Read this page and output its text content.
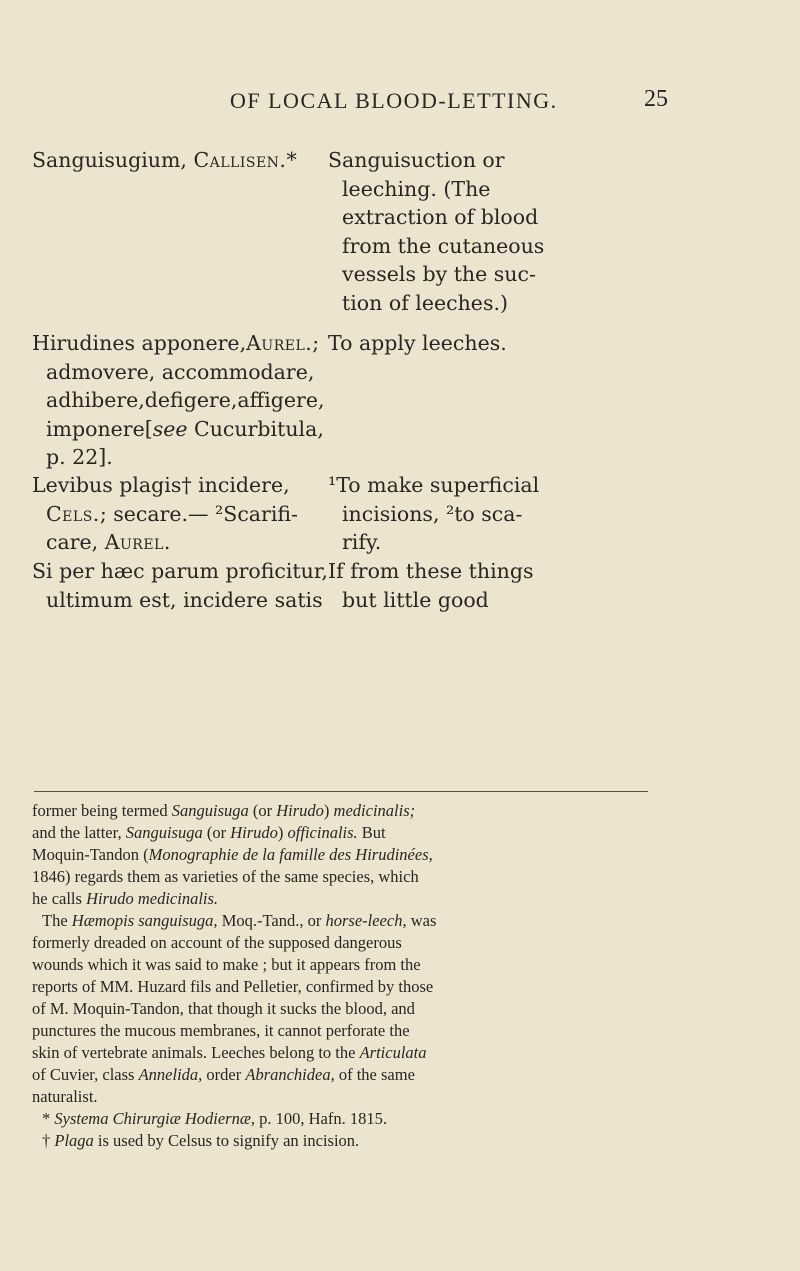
OF LOCAL BLOOD-LETTING.	25
Sanguisugium, Callisen.*	Sanguisuction or
leeching. (The
extraction of blood
from the cutaneous
vessels by the suc-
tion of leeches.)
Hirudines apponere,Aurel.;
admovere, accommodare,
adhibere,defigere,affigere,
imponere[see Cucurbitula,
p. 22].
To apply leeches.
Levibus plagis† incidere,
Cels.; secare.— ²Scarifi-
care, Aurel.
¹To make superficial
incisions, ²to sca-
rify.
Si per hæc parum proficitur,
ultimum est, incidere satis
If from these things
but little good
former being termed Sanguisuga (or Hirudo) medicinalis;
and the latter, Sanguisuga (or Hirudo) officinalis. But
Moquin-Tandon (Monographie de la famille des Hirudinées,
1846) regards them as varieties of the same species, which
he calls Hirudo medicinalis.
The Hæmopis sanguisuga, Moq.-Tand., or horse-leech, was
formerly dreaded on account of the supposed dangerous
wounds which it was said to make ; but it appears from the
reports of MM. Huzard fils and Pelletier, confirmed by those
of M. Moquin-Tandon, that though it sucks the blood, and
punctures the mucous membranes, it cannot perforate the
skin of vertebrate animals. Leeches belong to the Articulata
of Cuvier, class Annelida, order Abranchidea, of the same
naturalist.
* Systema Chirurgiæ Hodiernæ, p. 100, Hafn. 1815.
† Plaga is used by Celsus to signify an incision.
